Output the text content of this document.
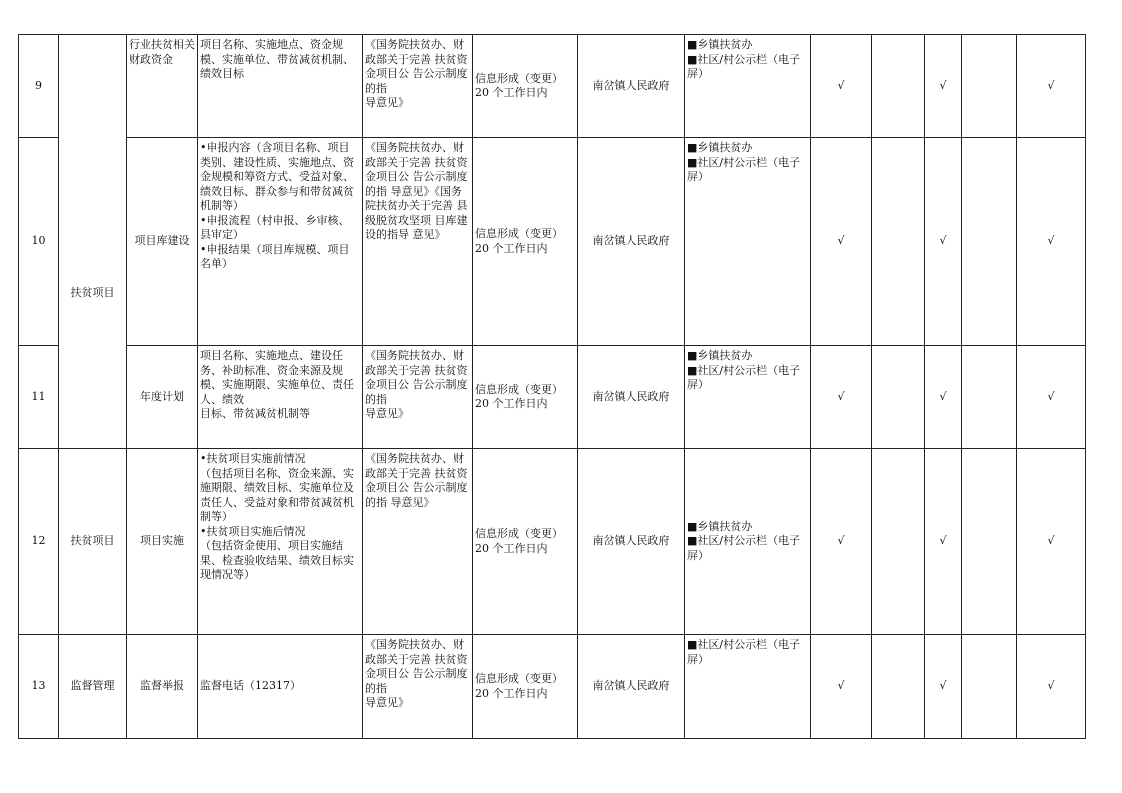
9		行业扶贫相关财政资金	项目名称、实施地点、资金规模、实施单位、带贫减贫机制、绩效目标	《国务院扶贫办、财政部关于完善 扶贫资金项目公 告公示制度的指
导意见》	信息形成（变更）
20 个工作日内	南岔镇人民政府	■乡镇扶贫办
■社区/村公示栏（电子屏）	√		√		√
10	扶贫项目	项目库建设	•申报内容（含项目名称、项目类别、建设性质、实施地点、资金规模和筹资方式、受益对象、绩效目标、群众参与和带贫减贫机制等）
•申报流程（村申报、乡审核、县审定）
•申报结果（项目库规模、项目名单）	《国务院扶贫办、财政部关于完善 扶贫资金项目公 告公示制度的指 导意见》《国务院扶贫办关于完善 县级脱贫攻坚项 目库建设的指导 意见》	信息形成（变更）
20 个工作日内	南岔镇人民政府	■乡镇扶贫办
■社区/村公示栏（电子屏）	√		√		√
11		年度计划	项目名称、实施地点、建设任务、补助标准、资金来源及规模、实施期限、实施单位、责任人、绩效
目标、带贫减贫机制等	《国务院扶贫办、财政部关于完善 扶贫资金项目公 告公示制度的指
导意见》	信息形成（变更）
20 个工作日内	南岔镇人民政府	■乡镇扶贫办
■社区/村公示栏（电子屏）	√		√		√
12	扶贫项目	项目实施	•扶贫项目实施前情况
（包括项目名称、资金来源、实施期限、绩效目标、实施单位及责任人、受益对象和带贫减贫机制等）
•扶贫项目实施后情况
（包括资金使用、项目实施结果、检查验收结果、绩效目标实现情况等）	《国务院扶贫办、财政部关于完善 扶贫资金项目公 告公示制度的指 导意见》	信息形成（变更）
20 个工作日内	南岔镇人民政府	■乡镇扶贫办
■社区/村公示栏（电子屏）	√		√		√
13	监督管理	监督举报	监督电话（12317）	《国务院扶贫办、财政部关于完善 扶贫资金项目公 告公示制度的指
导意见》	信息形成（变更）
20 个工作日内	南岔镇人民政府	■社区/村公示栏（电子屏）	√		√		√
